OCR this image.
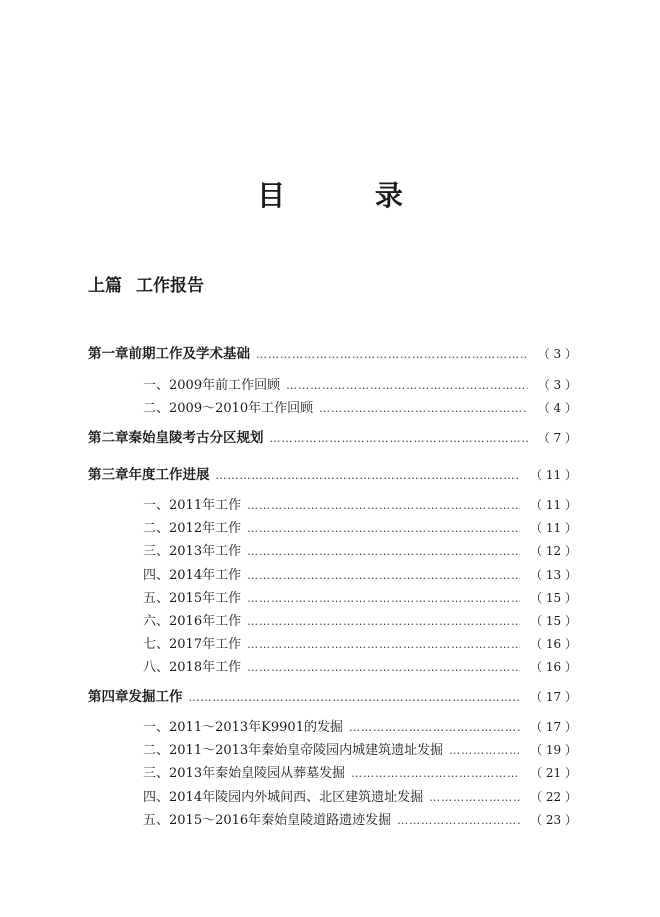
目 录
上篇 工作报告
第一章 前期工作及学术基础 …………………………………………………………………………………………………………………………………………………………………………………………	（ 3 ）
一、2009年前工作回顾 …………………………………………………………………………………………………………………………………………………………………………………………	（ 3 ）
二、2009～2010年工作回顾 …………………………………………………………………………………………………………………………………………………………………………………………	（ 4 ）
第二章 秦始皇陵考古分区规划 …………………………………………………………………………………………………………………………………………………………………………………………	（ 7 ）
第三章 年度工作进展 …………………………………………………………………………………………………………………………………………………………………………………………	（ 11 ）
一、2011年工作 …………………………………………………………………………………………………………………………………………………………………………………………	（ 11 ）
二、2012年工作 …………………………………………………………………………………………………………………………………………………………………………………………	（ 11 ）
三、2013年工作 …………………………………………………………………………………………………………………………………………………………………………………………	（ 12 ）
四、2014年工作 …………………………………………………………………………………………………………………………………………………………………………………………	（ 13 ）
五、2015年工作 …………………………………………………………………………………………………………………………………………………………………………………………	（ 15 ）
六、2016年工作 …………………………………………………………………………………………………………………………………………………………………………………………	（ 15 ）
七、2017年工作 …………………………………………………………………………………………………………………………………………………………………………………………	（ 16 ）
八、2018年工作 …………………………………………………………………………………………………………………………………………………………………………………………	（ 16 ）
第四章 发掘工作 …………………………………………………………………………………………………………………………………………………………………………………………	（ 17 ）
一、2011～2013年K9901的发掘 …………………………………………………………………………………………………………………………………………………………………………………………	（ 17 ）
二、2011～2013年秦始皇帝陵园内城建筑遗址发掘 …………………………………………………………………………………………………………………………………………………………………………………………	（ 19 ）
三、2013年秦始皇陵园从葬墓发掘 …………………………………………………………………………………………………………………………………………………………………………………………	（ 21 ）
四、2014年陵园内外城间西、北区建筑遗址发掘 …………………………………………………………………………………………………………………………………………………………………………………………	（ 22 ）
五、2015～2016年秦始皇陵道路遗迹发掘 …………………………………………………………………………………………………………………………………………………………………………………………	（ 23 ）
